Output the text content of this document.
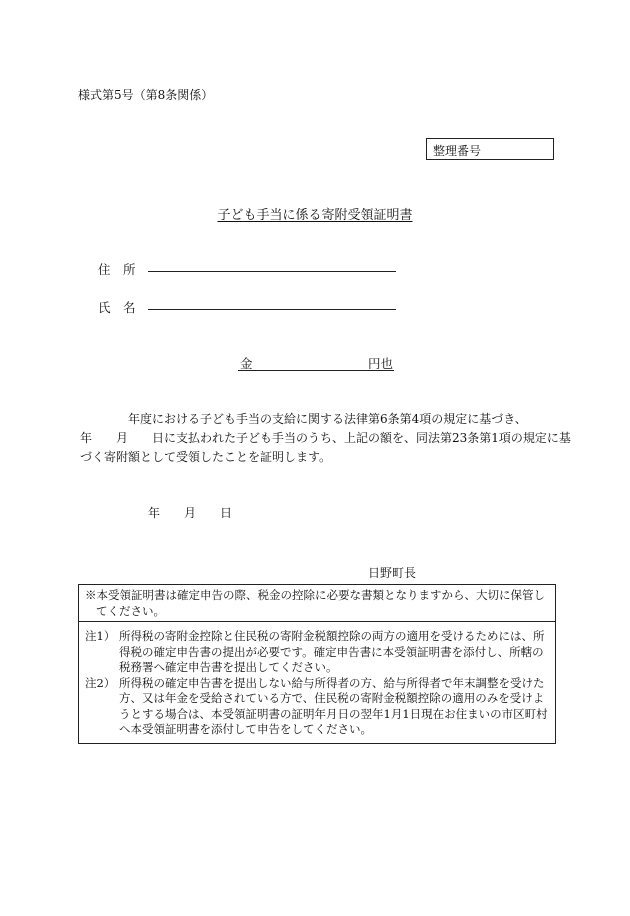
様式第5号（第8条関係）
整理番号
子ども手当に係る寄附受領証明書
住　所
氏　名
金	円也
年度における子ども手当の支給に関する法律第6条第4項の規定に基づき、
年　　月　　日に支払われた子ども手当のうち、上記の額を、同法第23条第1項の規定に基
づく寄附額として受領したことを証明します。
年 月 日
日野町長
※本受領証明書は確定申告の際、税金の控除に必要な書類となりますから、大切に保管し
てください。
注1） 所得税の寄附金控除と住民税の寄附金税額控除の両方の適用を受けるためには、所
得税の確定申告書の提出が必要です。確定申告書に本受領証明書を添付し、所轄の
税務署へ確定申告書を提出してください。
注2） 所得税の確定申告書を提出しない給与所得者の方、給与所得者で年末調整を受けた
方、又は年金を受給されている方で、住民税の寄附金税額控除の適用のみを受けよ
うとする場合は、本受領証明書の証明年月日の翌年1月1日現在お住まいの市区町村
へ本受領証明書を添付して申告をしてください。
